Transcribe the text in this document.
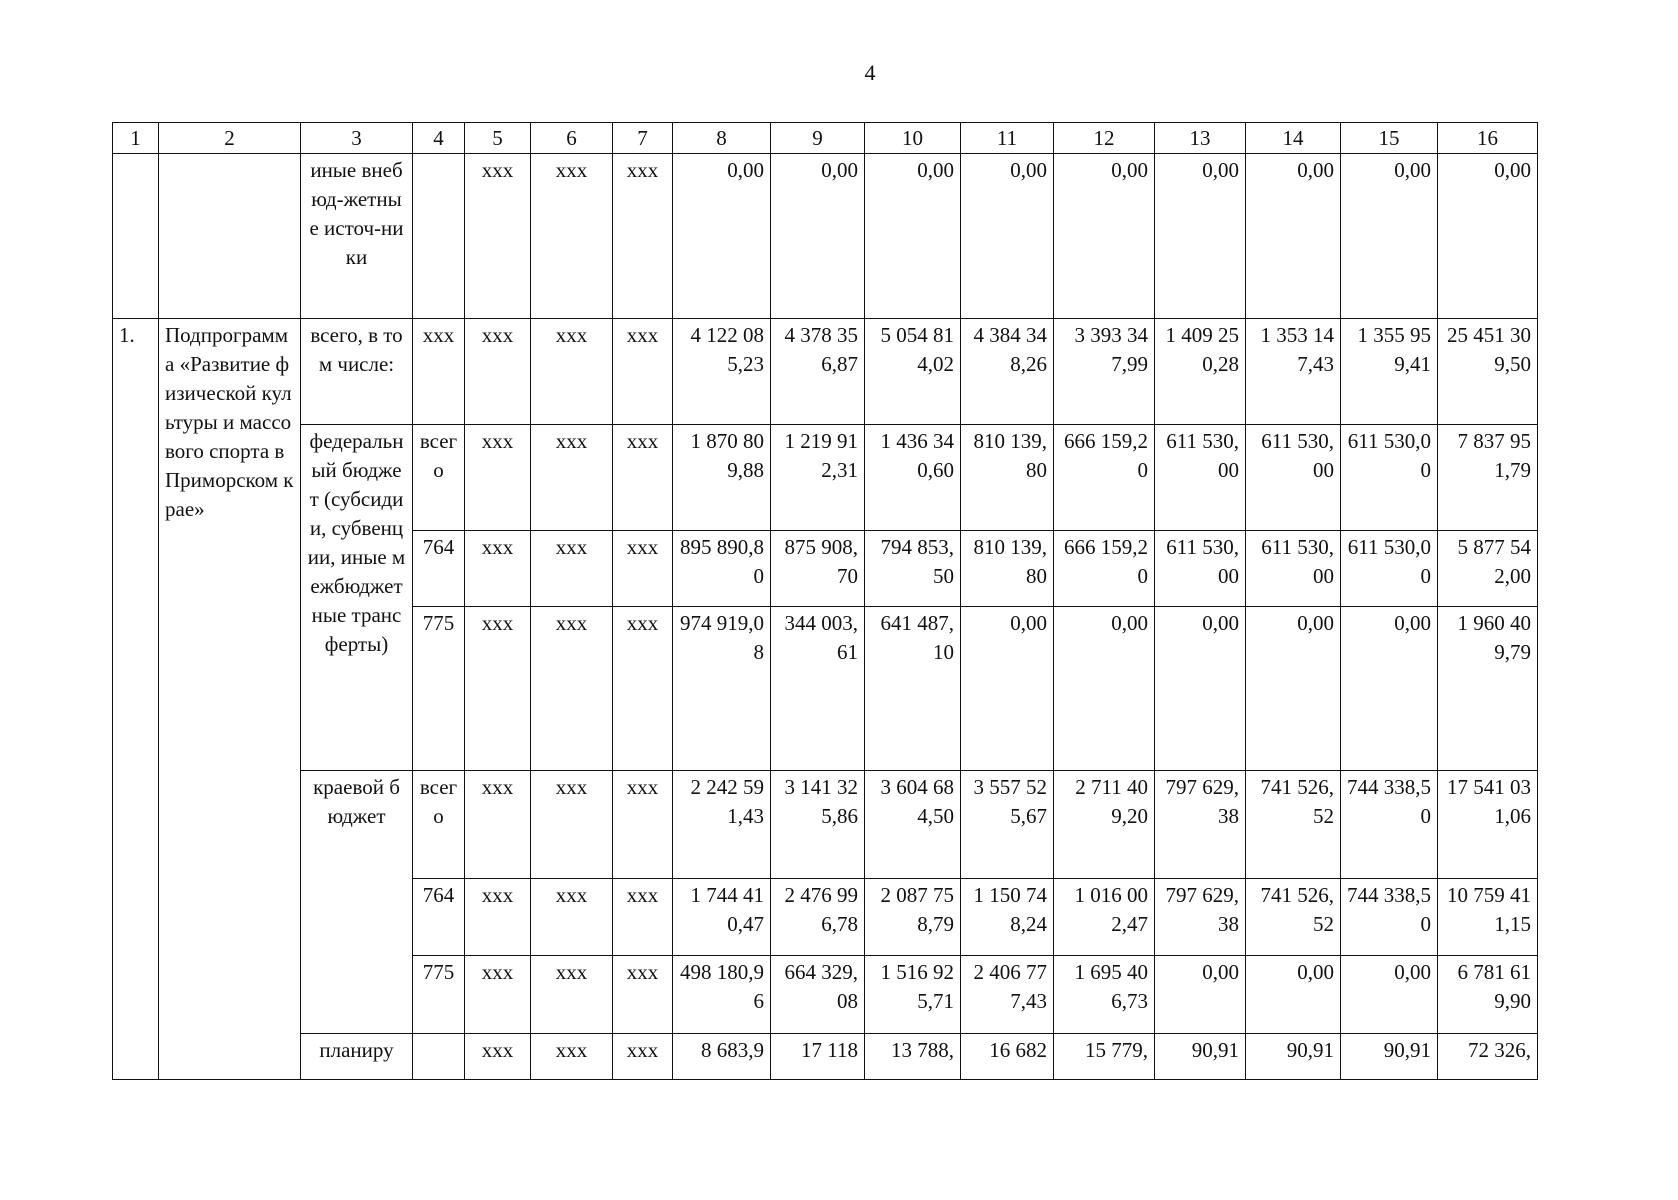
4
1	2	3	4	5	6	7	8	9	10	11	12	13	14	15	16
		иные внебюд-жетные источ-ники		ххх	ххх	ххх	0,00	0,00	0,00	0,00	0,00	0,00	0,00	0,00	0,00
1.	Подпрограмма «Развитие физической культуры и массового спорта в Приморском крае»	всего, в том числе:	ххх	ххх	ххх	ххх	4 122 085,23	4 378 356,87	5 054 814,02	4 384 348,26	3 393 347,99	1 409 250,28	1 353 147,43	1 355 959,41	25 451 309,50
		федеральный бюджет (субсидии, субвенции, иные межбюджетные трансферты)	всего	ххх	ххх	ххх	1 870 809,88	1 219 912,31	1 436 340,60	810 139,80	666 159,20	611 530,00	611 530,00	611 530,00	7 837 951,79
			764	ххх	ххх	ххх	895 890,80	875 908,70	794 853,50	810 139,80	666 159,20	611 530,00	611 530,00	611 530,00	5 877 542,00
			775	ххх	ххх	ххх	974 919,08	344 003,61	641 487,10	0,00	0,00	0,00	0,00	0,00	1 960 409,79
		краевой бюджет	всего	ххх	ххх	ххх	2 242 591,43	3 141 325,86	3 604 684,50	3 557 525,67	2 711 409,20	797 629,38	741 526,52	744 338,50	17 541 031,06
			764	ххх	ххх	ххх	1 744 410,47	2 476 996,78	2 087 758,79	1 150 748,24	1 016 002,47	797 629,38	741 526,52	744 338,50	10 759 411,15
			775	ххх	ххх	ххх	498 180,96	664 329,08	1 516 925,71	2 406 777,43	1 695 406,73	0,00	0,00	0,00	6 781 619,90
		планиру		ххх	ххх	ххх	8 683,9	17 118	13 788,	16 682	15 779,	90,91	90,91	90,91	72 326,
